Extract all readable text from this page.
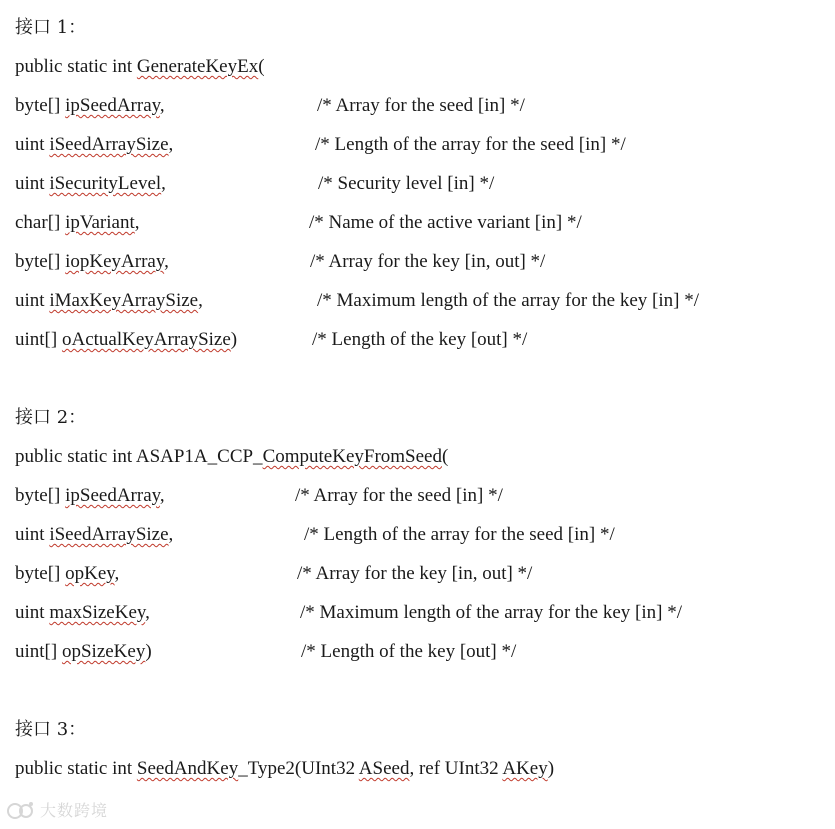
接口 1：
public static int GenerateKeyEx(
byte[] ipSeedArray,	/* Array for the seed [in] */
uint iSeedArraySize,	/* Length of the array for the seed [in] */
uint iSecurityLevel,	/* Security level [in] */
char[] ipVariant,	/* Name of the active variant [in] */
byte[] iopKeyArray,	/* Array for the key [in, out] */
uint iMaxKeyArraySize,	/* Maximum length of the array for the key [in] */
uint[] oActualKeyArraySize)	/* Length of the key [out] */
接口 2：
public static int ASAP1A_CCP_ComputeKeyFromSeed(
byte[] ipSeedArray,	/* Array for the seed [in] */
uint iSeedArraySize,	/* Length of the array for the seed [in] */
byte[] opKey,	/* Array for the key [in, out] */
uint maxSizeKey,	/* Maximum length of the array for the key [in] */
uint[] opSizeKey)	/* Length of the key [out] */
接口 3：
public static int SeedAndKey_Type2(UInt32 ASeed, ref UInt32 AKey)
大数跨境
